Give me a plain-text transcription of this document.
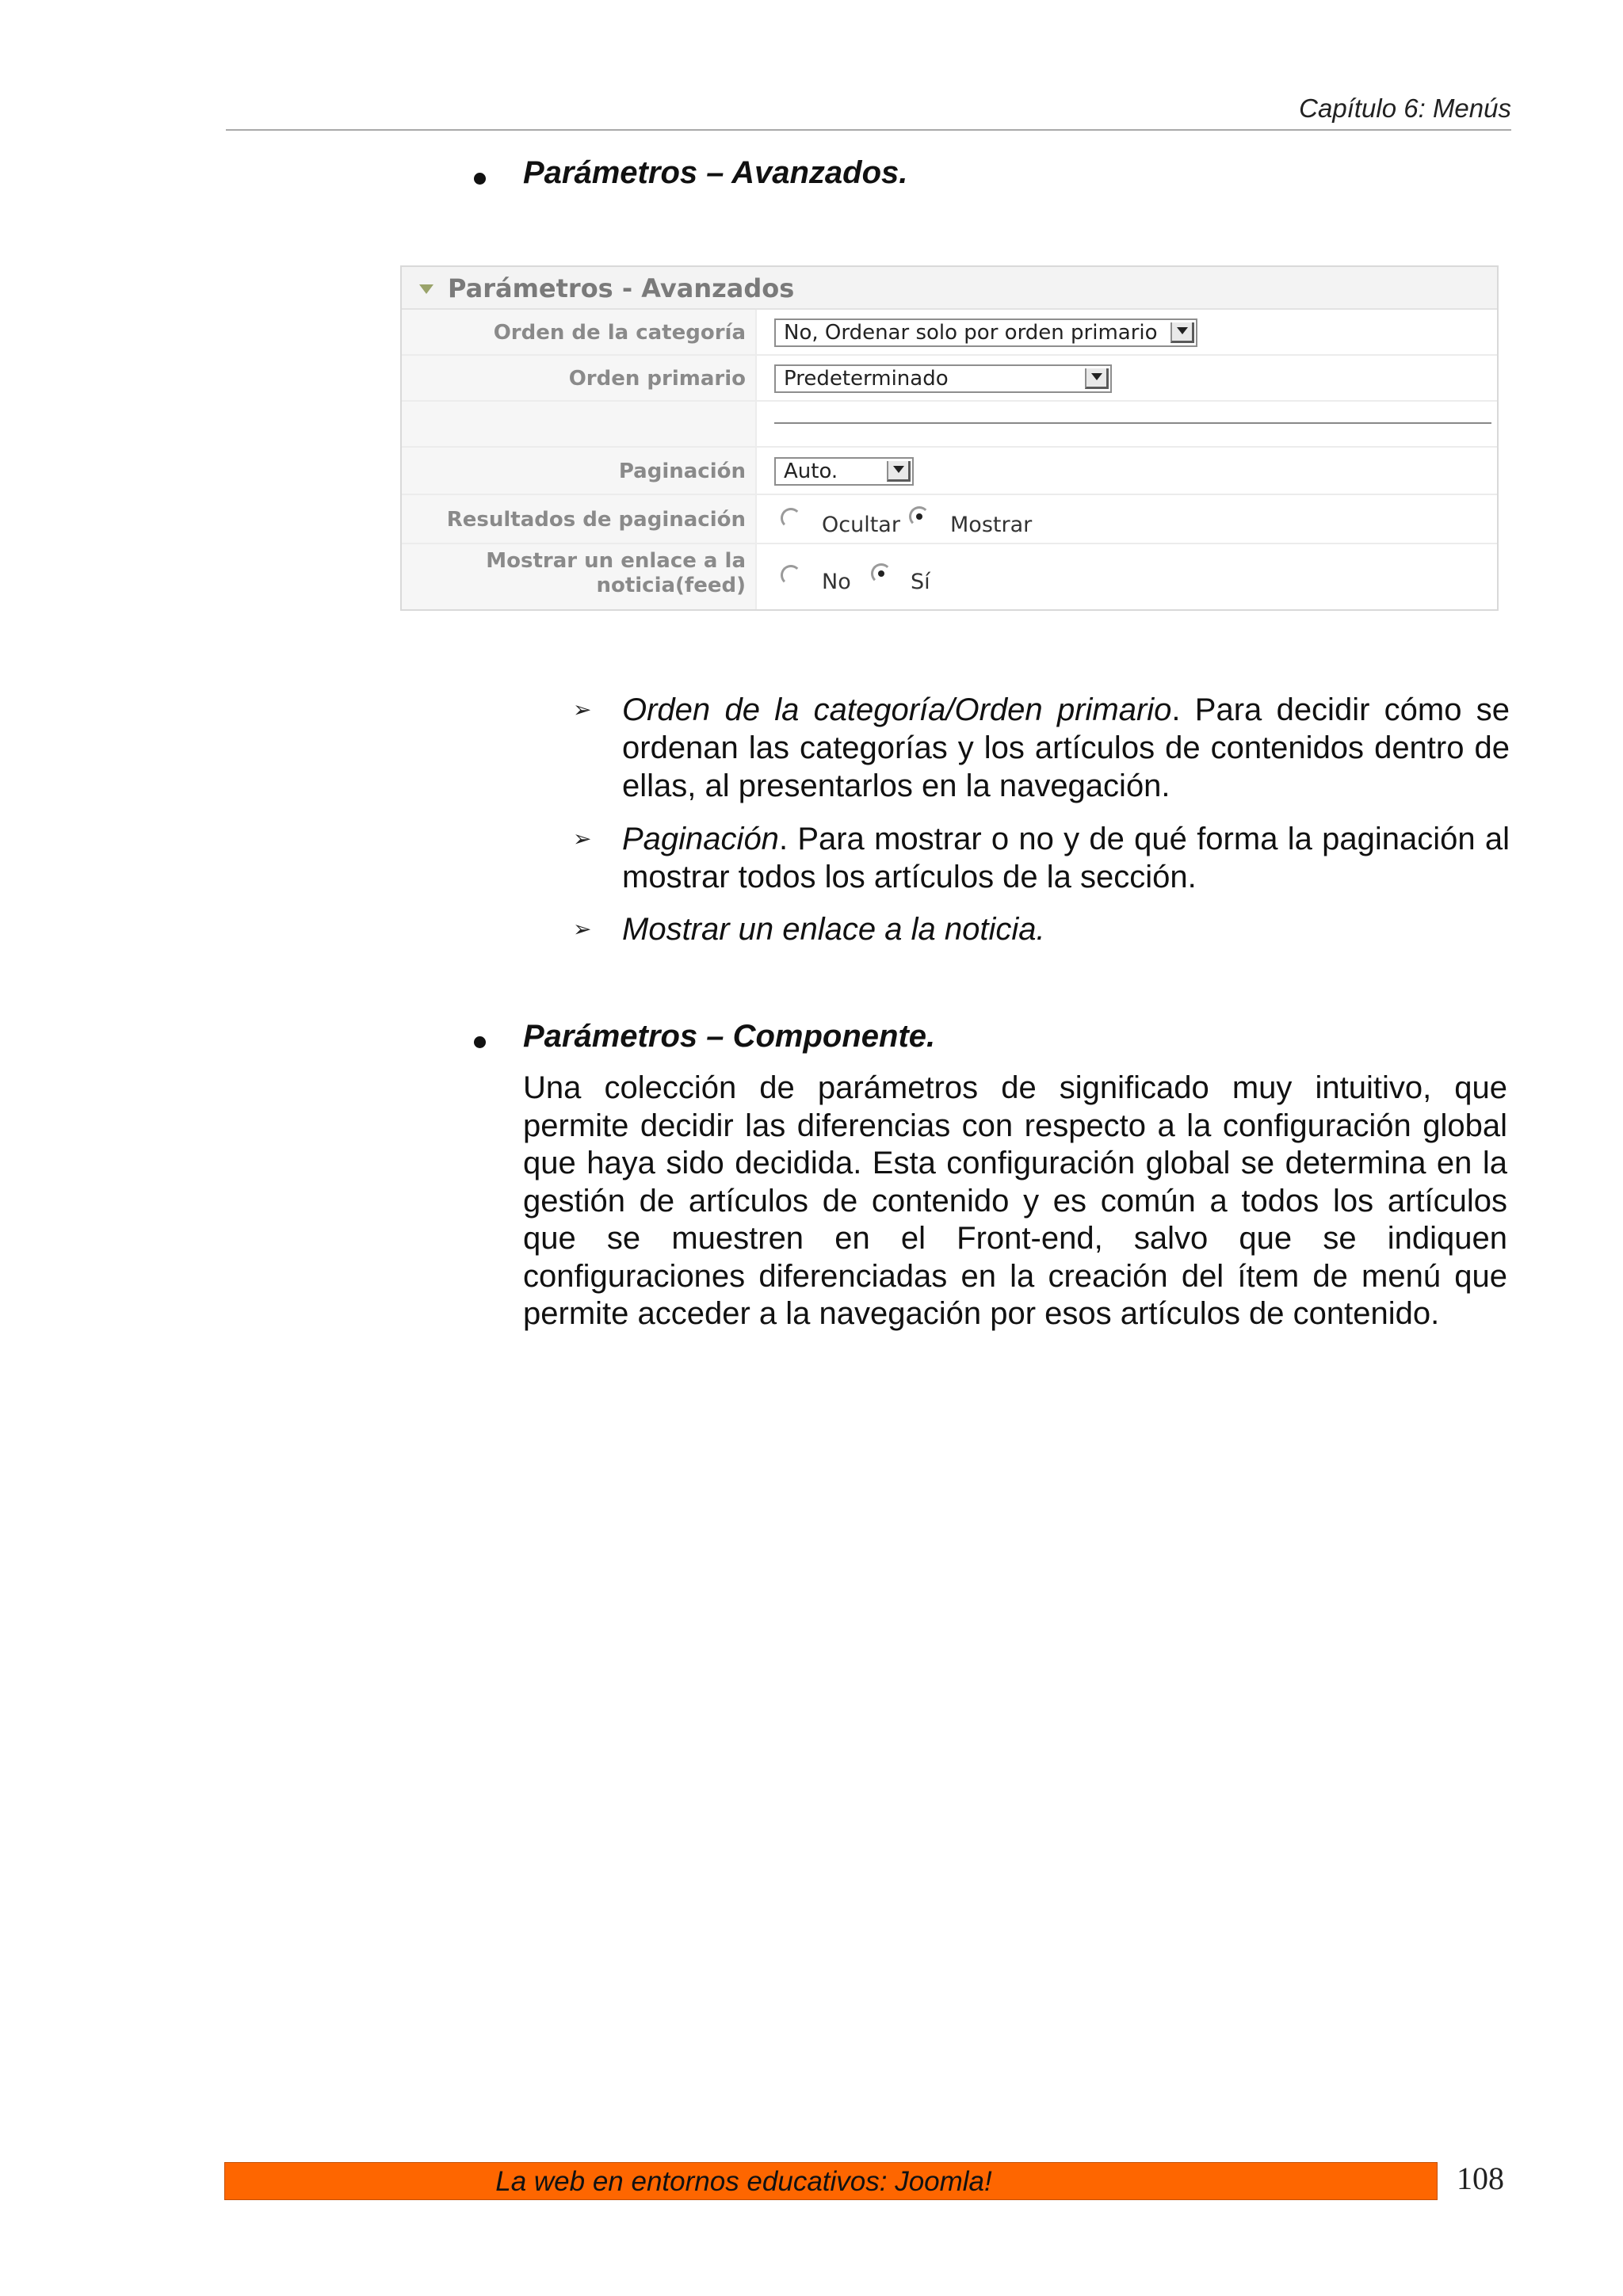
Capítulo 6: Menús
Parámetros – Avanzados.
Parámetros - Avanzados
Orden de la categoría	No, Ordenar solo por orden primario
Orden primario	Predeterminado
Paginación	Auto.
Resultados de paginación	Ocultar Mostrar
Mostrar un enlace a la
noticia(feed)	No	Sí
➢ Orden de la categoría/Orden primario. Para decidir cómo se ordenan las categorías y los artículos de contenidos dentro de ellas, al presentarlos en la navegación.
➢ Paginación. Para mostrar o no y de qué forma la paginación al mostrar todos los artículos de la sección.
➢ Mostrar un enlace a la noticia.
Parámetros – Componente.
Una colección de parámetros de significado muy intuitivo, que permite decidir las diferencias con respecto a la configuración global que haya sido decidida. Esta configuración global se determina en la gestión de artículos de contenido y es común a todos los artículos que se muestren en el Front-end, salvo que se indiquen configuraciones diferenciadas en la creación del ítem de menú que permite acceder a la navegación por esos artículos de contenido.
La web en entornos educativos: Joomla!	108
